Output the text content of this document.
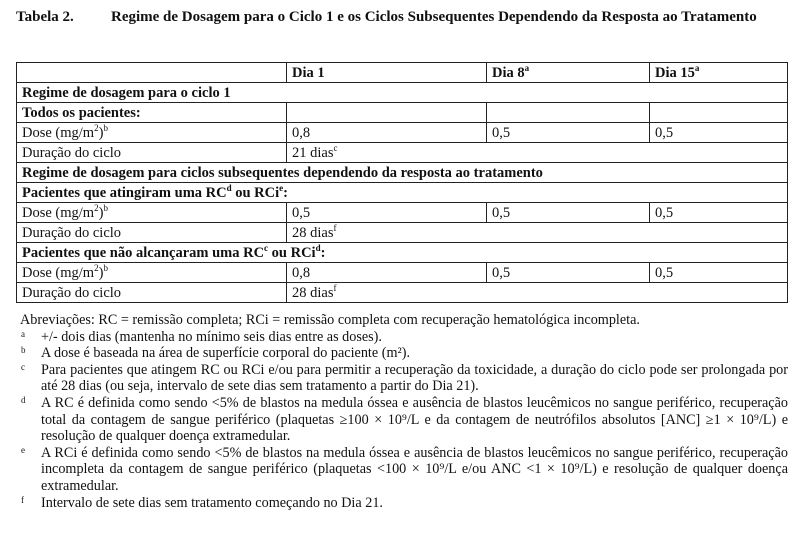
Tabela 2. Regime de Dosagem para o Ciclo 1 e os Ciclos Subsequentes Dependendo da Resposta ao Tratamento
	Dia 1	Dia 8$^a$	Dia 15$^a$
Regime de dosagem para o ciclo 1			
Todos os pacientes:			
Dose $(mg/m^2)^b$	0,8	0,5	0,5
Duração do ciclo	21 dias$^c$
Regime de dosagem para ciclos subsequentes dependendo da resposta ao tratamento			
Pacientes que atingiram uma $RC^d$ ou RCi$^e$:			
Dose $(mg/m^2)^b$	0,5	0,5	0,5
Duração do ciclo	28 dias$^f$
Pacientes que não alcançaram uma $RC^c$ ou RCi$^d$:			
Dose $(mg/m^2)^b$	0,8	0,5	0,5
Duração do ciclo	28 dias$^f$
Abreviações: RC = remissão completa; RCi = remissão completa com recuperação hematológica incompleta.
a +/- dois dias (mantenha no mínimo seis dias entre as doses).
b A dose é baseada na área de superfície corporal do paciente (m²).
c Para pacientes que atingem RC ou RCi e/ou para permitir a recuperação da toxicidade, a duração do ciclo pode ser prolongada por até 28 dias (ou seja, intervalo de sete dias sem tratamento a partir do Dia 21).
d A RC é definida como sendo <5% de blastos na medula óssea e ausência de blastos leucêmicos no sangue periférico, recuperação total da contagem de sangue periférico (plaquetas ≥100 × 10⁹/L e da contagem de neutrófilos absolutos [ANC] ≥1 × 10⁹/L) e resolução de qualquer doença extramedular.
e A RCi é definida como sendo <5% de blastos na medula óssea e ausência de blastos leucêmicos no sangue periférico, recuperação incompleta da contagem de sangue periférico (plaquetas <100 × 10⁹/L e/ou ANC <1 × 10⁹/L) e resolução de qualquer doença extramedular.
f Intervalo de sete dias sem tratamento começando no Dia 21.
